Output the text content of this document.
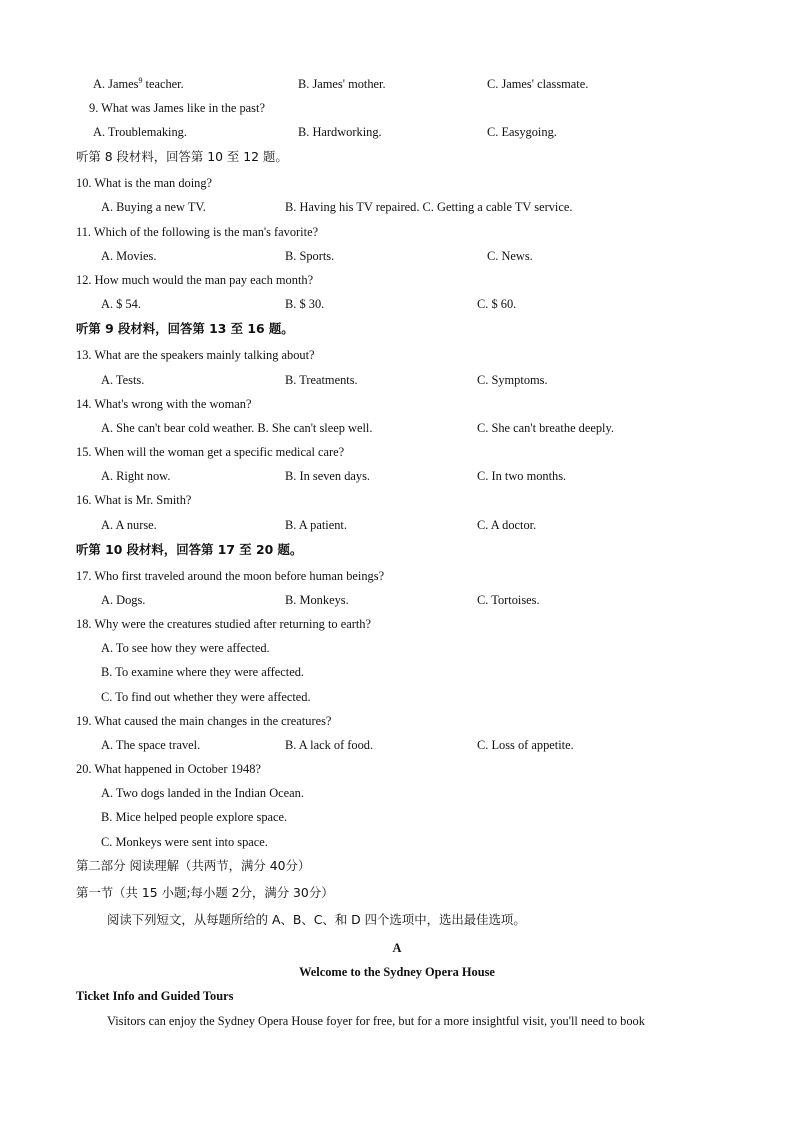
A. James$^9$ teacher.	B. James' mother.	C. James' classmate.
9. What was James like in the past?
A. Troublemaking.	B. Hardworking.	C. Easygoing.
听第 8 段材料，回答第 10 至 12 题。
10. What is the man doing?
A. Buying a new TV.	B. Having his TV repaired. C. Getting a cable TV service.
11. Which of the following is the man's favorite?
A. Movies.	B. Sports.	C. News.
12. How much would the man pay each month?
A. $ 54.	B. $ 30.	C. $ 60.
听第 9 段材料，回答第 13 至 16 题。
13. What are the speakers mainly talking about?
A. Tests.	B. Treatments.	C. Symptoms.
14. What's wrong with the woman?
A. She can't bear cold weather. B. She can't sleep well.	C. She can't breathe deeply.
15. When will the woman get a specific medical care?
A. Right now.	B. In seven days.	C. In two months.
16. What is Mr. Smith?
A. A nurse.	B. A patient.	C. A doctor.
听第 10 段材料，回答第 17 至 20 题。
17. Who first traveled around the moon before human beings?
A. Dogs.	B. Monkeys.	C. Tortoises.
18. Why were the creatures studied after returning to earth?
A. To see how they were affected.
B. To examine where they were affected.
C. To find out whether they were affected.
19. What caused the main changes in the creatures?
A. The space travel.	B. A lack of food.	C. Loss of appetite.
20. What happened in October 1948?
A. Two dogs landed in the Indian Ocean.
B. Mice helped people explore space.
C. Monkeys were sent into space.
第二部分 阅读理解（共两节，满分 40分）
第一节（共 15 小题;每小题 2分，满分 30分）
阅读下列短文，从每题所给的 A、B、C、和 D 四个选项中，选出最佳选项。
A
Welcome to the Sydney Opera House
Ticket Info and Guided Tours
Visitors can enjoy the Sydney Opera House foyer for free, but for a more insightful visit, you'll need to book
